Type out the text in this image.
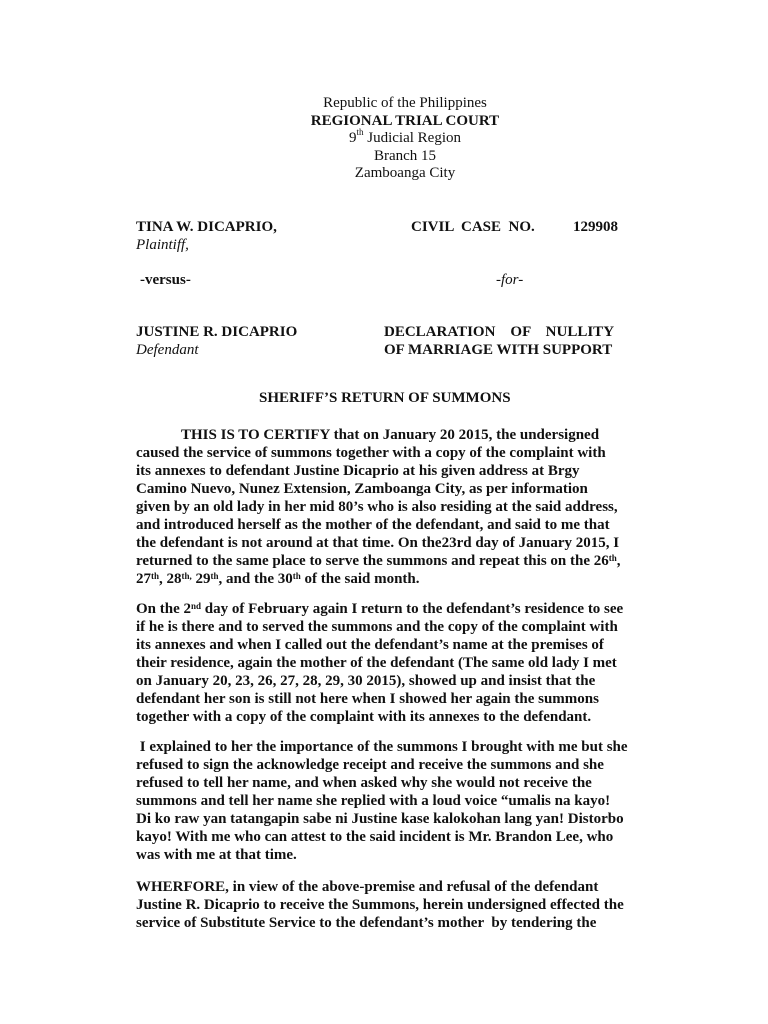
Republic of the Philippines
REGIONAL TRIAL COURT
9th Judicial Region
Branch 15
Zamboanga City
TINA W. DICAPRIO,
Plaintiff,
CIVIL  CASE  NO.	129908
-versus-	-for-
JUSTINE R. DICAPRIO
Defendant
DECLARATION    OF    NULLITY
OF MARRIAGE WITH SUPPORT
SHERIFF’S RETURN OF SUMMONS
THIS IS TO CERTIFY that on January 20 2015, the undersigned
caused the service of summons together with a copy of the complaint with
its annexes to defendant Justine Dicaprio at his given address at Brgy
Camino Nuevo, Nunez Extension, Zamboanga City, as per information
given by an old lady in her mid 80’s who is also residing at the said address,
and introduced herself as the mother of the defendant, and said to me that
the defendant is not around at that time. On the23rd day of January 2015, I
returned to the same place to serve the summons and repeat this on the 26th,
27th, $28^{th,}$ 29th, and the 30th of the said month.
On the 2nd day of February again I return to the defendant’s residence to see
if he is there and to served the summons and the copy of the complaint with
its annexes and when I called out the defendant’s name at the premises of
their residence, again the mother of the defendant (The same old lady I met
on January 20, 23, 26, 27, 28, 29, 30 2015), showed up and insist that the
defendant her son is still not here when I showed her again the summons
together with a copy of the complaint with its annexes to the defendant.
I explained to her the importance of the summons I brought with me but she
refused to sign the acknowledge receipt and receive the summons and she
refused to tell her name, and when asked why she would not receive the
summons and tell her name she replied with a loud voice “umalis na kayo!
Di ko raw yan tatangapin sabe ni Justine kase kalokohan lang yan! Distorbo
kayo! With me who can attest to the said incident is Mr. Brandon Lee, who
was with me at that time.
WHERFORE, in view of the above-premise and refusal of the defendant
Justine R. Dicaprio to receive the Summons, herein undersigned effected the
service of Substitute Service to the defendant’s mother  by tendering the
